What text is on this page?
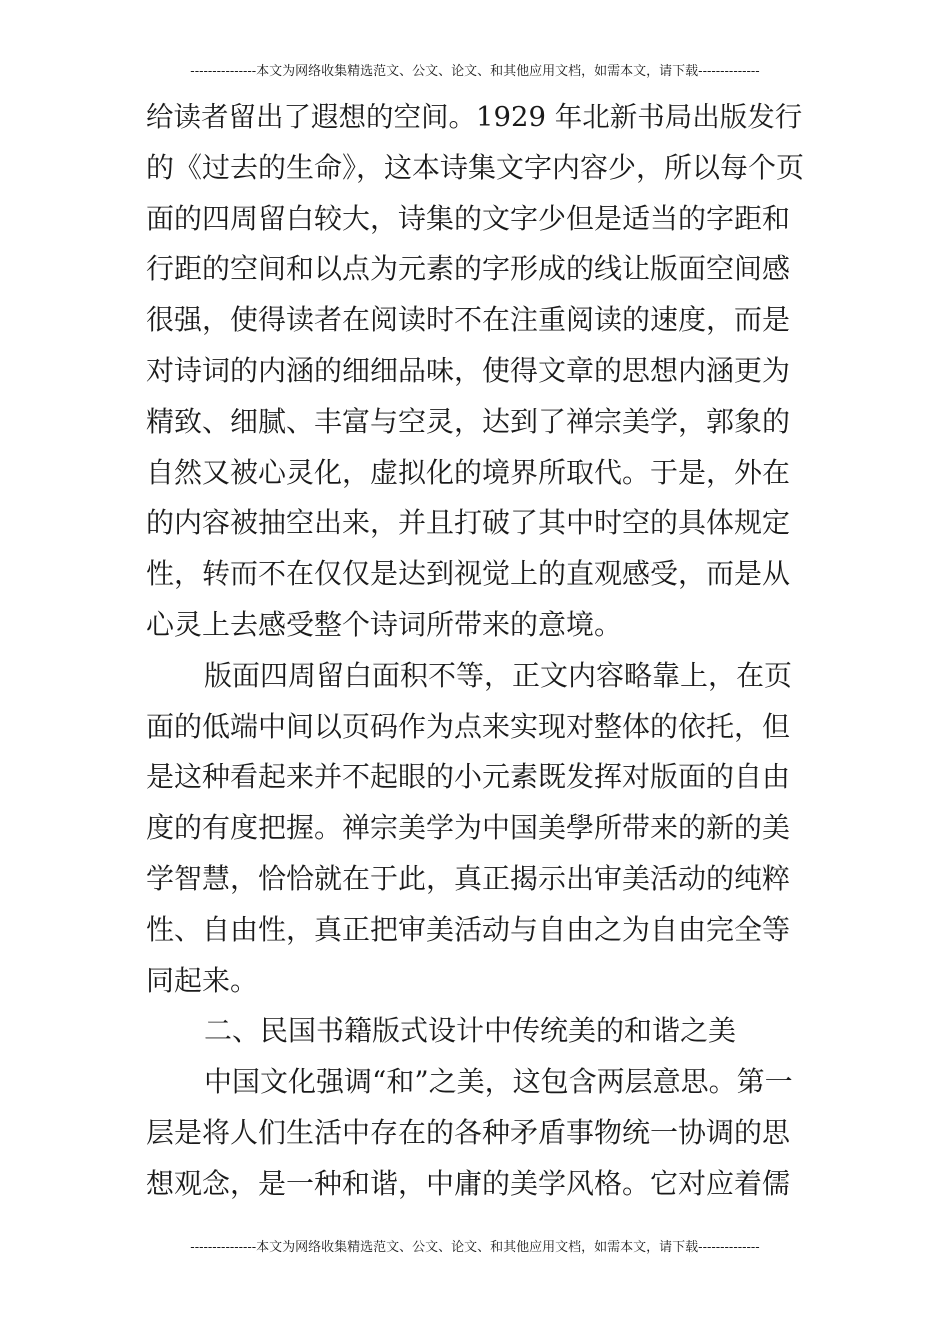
---------------本文为网络收集精选范文、公文、论文、和其他应用文档，如需本文，请下载--------------
给读者留出了遐想的空间。1929 年北新书局出版发行
的《过去的生命》，这本诗集文字内容少，所以每个页
面的四周留白较大，诗集的文字少但是适当的字距和
行距的空间和以点为元素的字形成的线让版面空间感
很强，使得读者在阅读时不在注重阅读的速度，而是
对诗词的内涵的细细品味，使得文章的思想内涵更为
精致、细腻、丰富与空灵，达到了禅宗美学，郭象的
自然又被心灵化，虚拟化的境界所取代。于是，外在
的内容被抽空出来，并且打破了其中时空的具体规定
性，转而不在仅仅是达到视觉上的直观感受，而是从
心灵上去感受整个诗词所带来的意境。
版面四周留白面积不等，正文内容略靠上，在页
面的低端中间以页码作为点来实现对整体的依托，但
是这种看起来并不起眼的小元素既发挥对版面的自由
度的有度把握。禅宗美学为中国美學所带来的新的美
学智慧，恰恰就在于此，真正揭示出审美活动的纯粹
性、自由性，真正把审美活动与自由之为自由完全等
同起来。
二、民国书籍版式设计中传统美的和谐之美
中国文化强调“和”之美，这包含两层意思。第一
层是将人们生活中存在的各种矛盾事物统一协调的思
想观念，是一种和谐，中庸的美学风格。它对应着儒
---------------本文为网络收集精选范文、公文、论文、和其他应用文档，如需本文，请下载--------------
